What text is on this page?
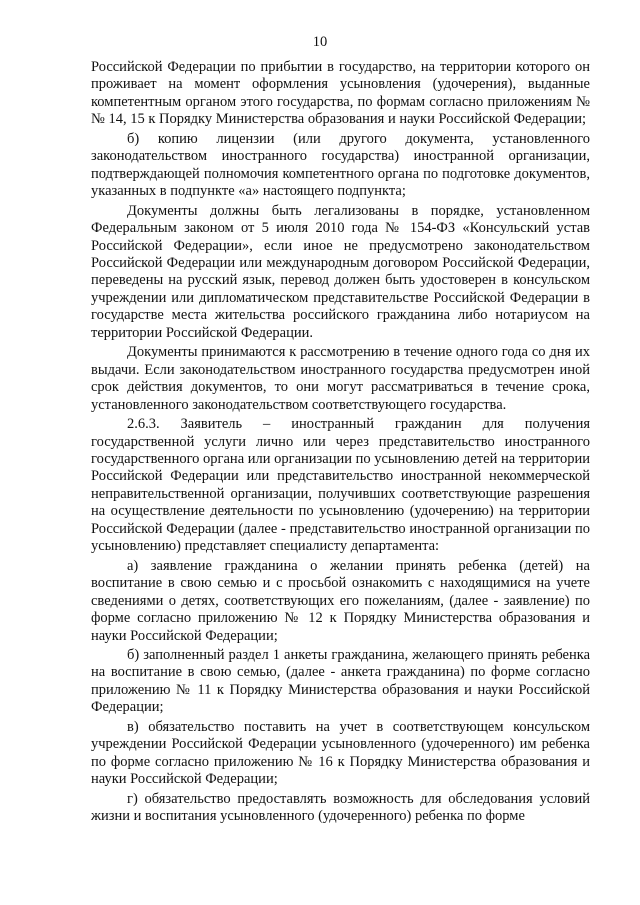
10

Российской Федерации по прибытии в государство, на территории которого он проживает на момент оформления усыновления (удочерения), выданные компетентным органом этого государства, по формам согласно приложениям №№ 14, 15 к Порядку Министерства образования и науки Российской Федерации;

б) копию лицензии (или другого документа, установленного законодательством иностранного государства) иностранной организации, подтверждающей полномочия компетентного органа по подготовке документов, указанных в подпункте «а» настоящего подпункта;

Документы должны быть легализованы в порядке, установленном Федеральным законом от 5 июля 2010 года № 154-ФЗ «Консульский устав Российской Федерации», если иное не предусмотрено законодательством Российской Федерации или международным договором Российской Федерации, переведены на русский язык, перевод должен быть удостоверен в консульском учреждении или дипломатическом представительстве Российской Федерации в государстве места жительства российского гражданина либо нотариусом на территории Российской Федерации.

Документы принимаются к рассмотрению в течение одного года со дня их выдачи. Если законодательством иностранного государства предусмотрен иной срок действия документов, то они могут рассматриваться в течение срока, установленного законодательством соответствующего государства.

2.6.3. Заявитель – иностранный гражданин для получения государственной услуги лично или через представительство иностранного государственного органа или организации по усыновлению детей на территории Российской Федерации или представительство иностранной некоммерческой неправительственной организации, получивших соответствующие разрешения на осуществление деятельности по усыновлению (удочерению) на территории Российской Федерации (далее - представительство иностранной организации по усыновлению) представляет специалисту департамента:

а) заявление гражданина о желании принять ребенка (детей) на воспитание в свою семью и с просьбой ознакомить с находящимися на учете сведениями о детях, соответствующих его пожеланиям, (далее - заявление) по форме согласно приложению № 12 к Порядку Министерства образования и науки Российской Федерации;

б) заполненный раздел 1 анкеты гражданина, желающего принять ребенка на воспитание в свою семью, (далее - анкета гражданина) по форме согласно приложению № 11 к Порядку Министерства образования и науки Российской Федерации;

в) обязательство поставить на учет в соответствующем консульском учреждении Российской Федерации усыновленного (удочеренного) им ребенка по форме согласно приложению № 16 к Порядку Министерства образования и науки Российской Федерации;

г) обязательство предоставлять возможность для обследования условий жизни и воспитания усыновленного (удочеренного) ребенка по форме
